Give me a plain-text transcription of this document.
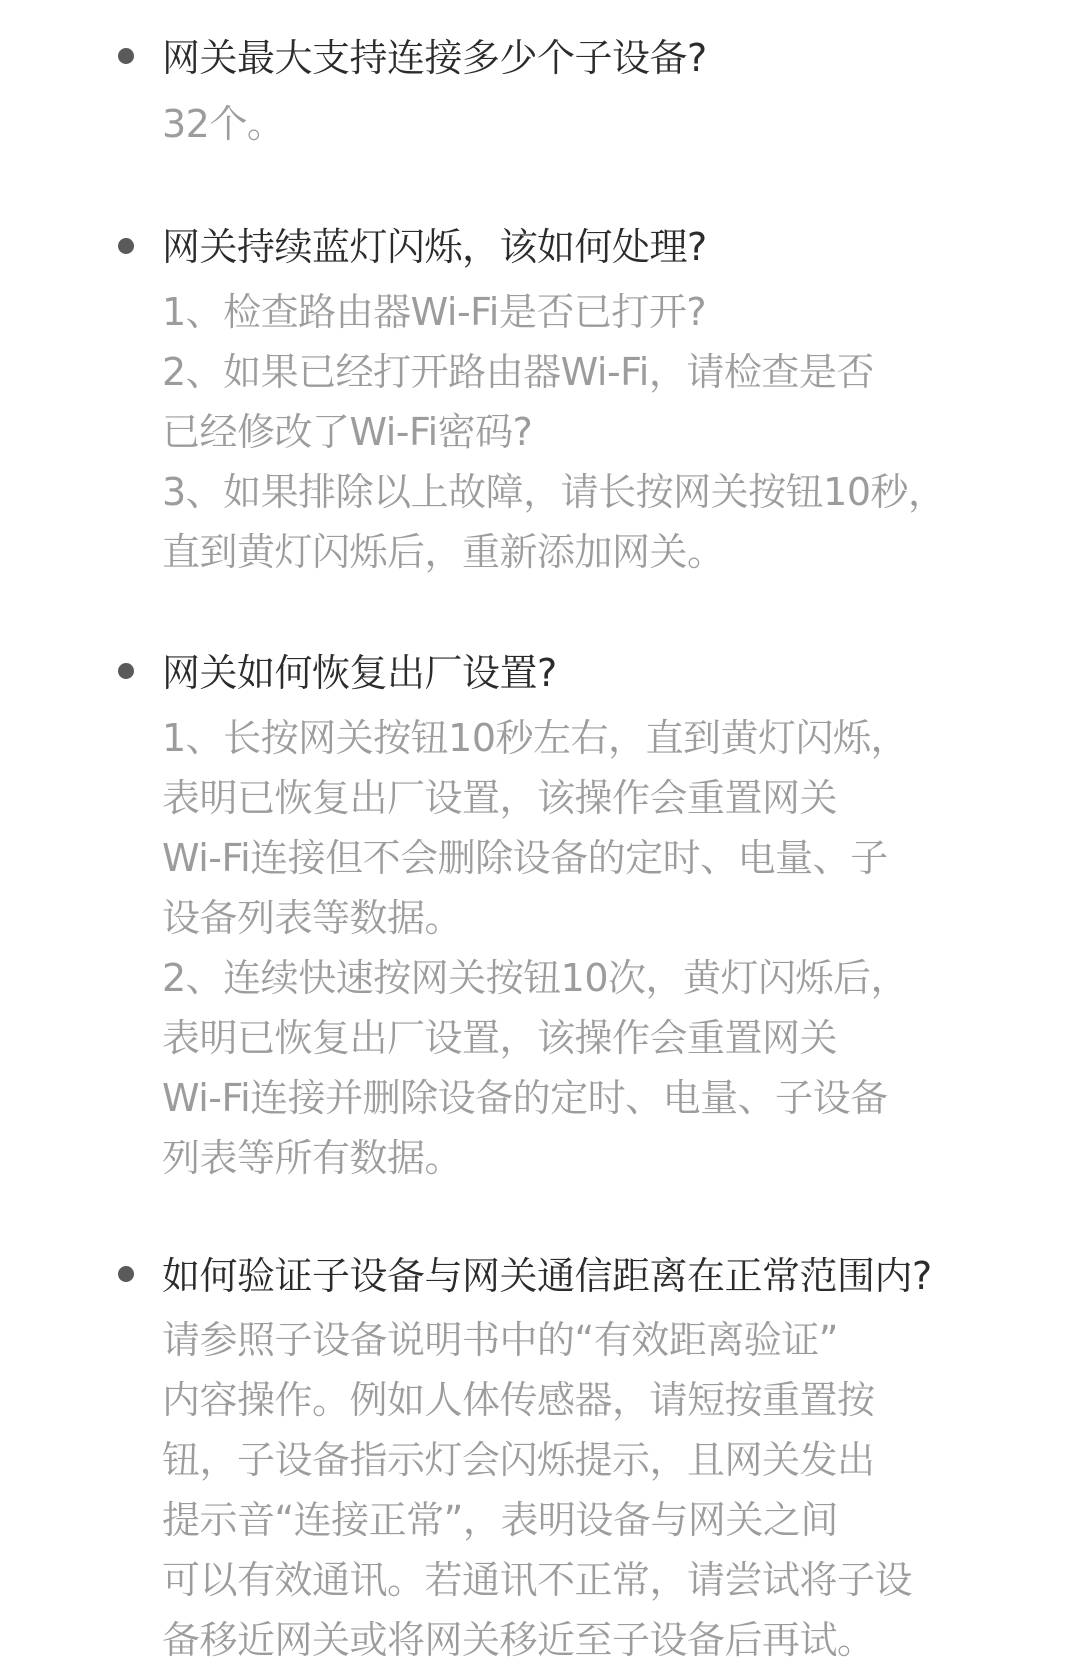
网关最大支持连接多少个子设备?

32个。

网关持续蓝灯闪烁，该如何处理?

1、检查路由器Wi-Fi是否已打开?

2、如果已经打开路由器Wi-Fi，请检查是否

已经修改了Wi-Fi密码?

3、如果排除以上故障，请长按网关按钮10秒，

直到黄灯闪烁后，重新添加网关。

网关如何恢复出厂设置?

1、长按网关按钮10秒左右，直到黄灯闪烁，

表明已恢复出厂设置，该操作会重置网关

Wi-Fi连接但不会删除设备的定时、电量、子

设备列表等数据。

2、连续快速按网关按钮10次，黄灯闪烁后，

表明已恢复出厂设置，该操作会重置网关

Wi-Fi连接并删除设备的定时、电量、子设备

列表等所有数据。

如何验证子设备与网关通信距离在正常范围内?

请参照子设备说明书中的“有效距离验证”

内容操作。例如人体传感器，请短按重置按

钮，子设备指示灯会闪烁提示，且网关发出

提示音“连接正常”，表明设备与网关之间

可以有效通讯。若通讯不正常，请尝试将子设

备移近网关或将网关移近至子设备后再试。
